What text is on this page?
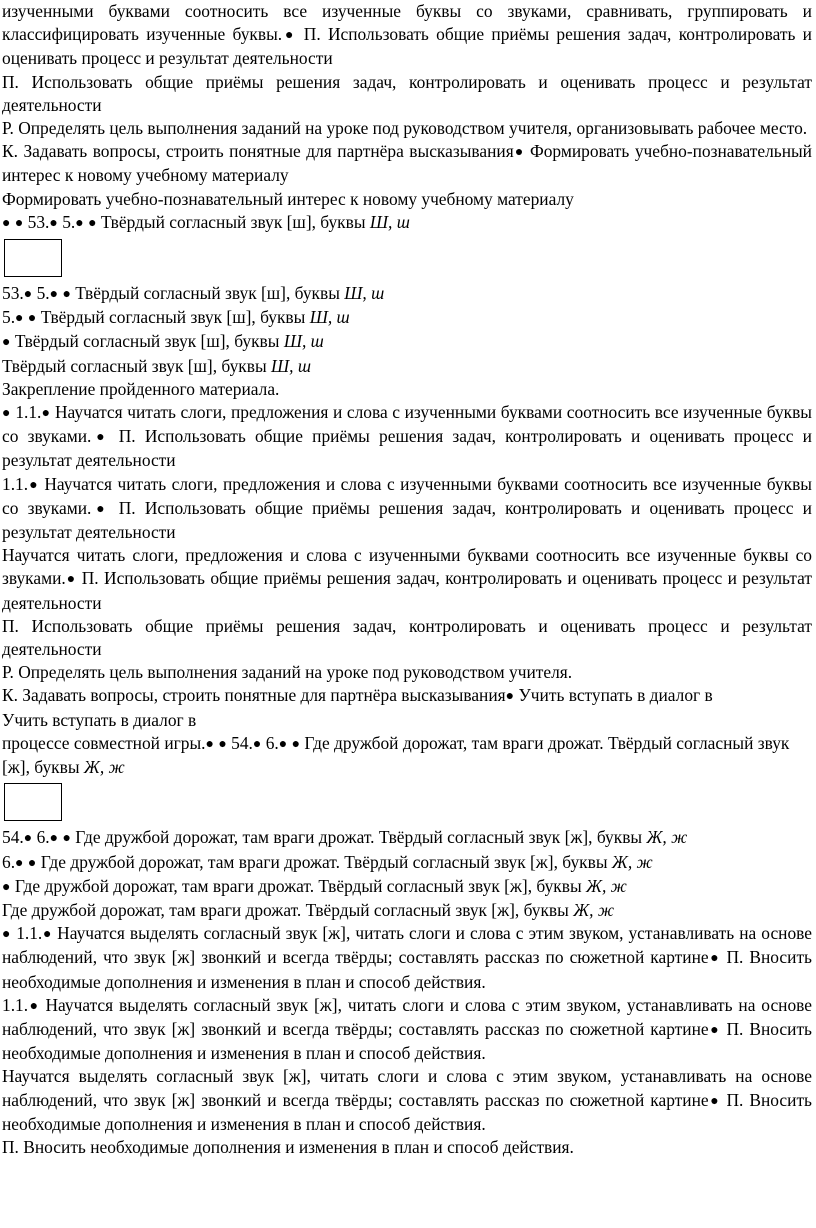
изученными буквами соотносить все изученные буквы со звуками, сравнивать, группировать и классифицировать изученные буквы.● П. Использовать общие приёмы решения задач, контролировать и оценивать процесс и результат деятельности

П. Использовать общие приёмы решения задач, контролировать и оценивать процесс и результат деятельности

Р. Определять цель выполнения заданий на уроке под руководством учителя, организовывать рабочее место.

К. Задавать вопросы, строить понятные для партнёра высказывания● Формировать учебно-познавательный интерес к новому учебному материалу

Формировать учебно-познавательный интерес к новому учебному материалу

● ● 53.● 5.● ● Твёрдый согласный звук [ш], буквы Ш, ш

53.● 5.● ● Твёрдый согласный звук [ш], буквы Ш, ш

5.● ● Твёрдый согласный звук [ш], буквы Ш, ш

● Твёрдый согласный звук [ш], буквы Ш, ш

Твёрдый согласный звук [ш], буквы Ш, ш

Закрепление пройденного материала.

● 1.1.● Научатся читать слоги, предложения и слова с изученными буквами соотносить все изученные буквы со звуками.● П. Использовать общие приёмы решения задач, контролировать и оценивать процесс и результат деятельности

1.1.● Научатся читать слоги, предложения и слова с изученными буквами соотносить все изученные буквы со звуками.● П. Использовать общие приёмы решения задач, контролировать и оценивать процесс и результат деятельности

Научатся читать слоги, предложения и слова с изученными буквами соотносить все изученные буквы со звуками.● П. Использовать общие приёмы решения задач, контролировать и оценивать процесс и результат деятельности

П. Использовать общие приёмы решения задач, контролировать и оценивать процесс и результат деятельности

Р. Определять цель выполнения заданий на уроке под руководством учителя.

К. Задавать вопросы, строить понятные для партнёра высказывания● Учить вступать в диалог в

Учить вступать в диалог в

процессе совместной игры.● ● 54.● 6.● ● Где дружбой дорожат, там враги дрожат. Твёрдый согласный звук [ж], буквы Ж, ж

54.● 6.● ● Где дружбой дорожат, там враги дрожат. Твёрдый согласный звук [ж], буквы Ж, ж

6.● ● Где дружбой дорожат, там враги дрожат. Твёрдый согласный звук [ж], буквы Ж, ж

● Где дружбой дорожат, там враги дрожат. Твёрдый согласный звук [ж], буквы Ж, ж

Где дружбой дорожат, там враги дрожат. Твёрдый согласный звук [ж], буквы Ж, ж

● 1.1.● Научатся выделять согласный звук [ж], читать слоги и слова с этим звуком, устанавливать на основе наблюдений, что звук [ж] звонкий и всегда твёрды; составлять рассказ по сюжетной картине● П. Вносить необходимые дополнения и изменения в план и способ действия.

1.1.● Научатся выделять согласный звук [ж], читать слоги и слова с этим звуком, устанавливать на основе наблюдений, что звук [ж] звонкий и всегда твёрды; составлять рассказ по сюжетной картине● П. Вносить необходимые дополнения и изменения в план и способ действия.

Научатся выделять согласный звук [ж], читать слоги и слова с этим звуком, устанавливать на основе наблюдений, что звук [ж] звонкий и всегда твёрды; составлять рассказ по сюжетной картине● П. Вносить необходимые дополнения и изменения в план и способ действия.

П. Вносить необходимые дополнения и изменения в план и способ действия.
